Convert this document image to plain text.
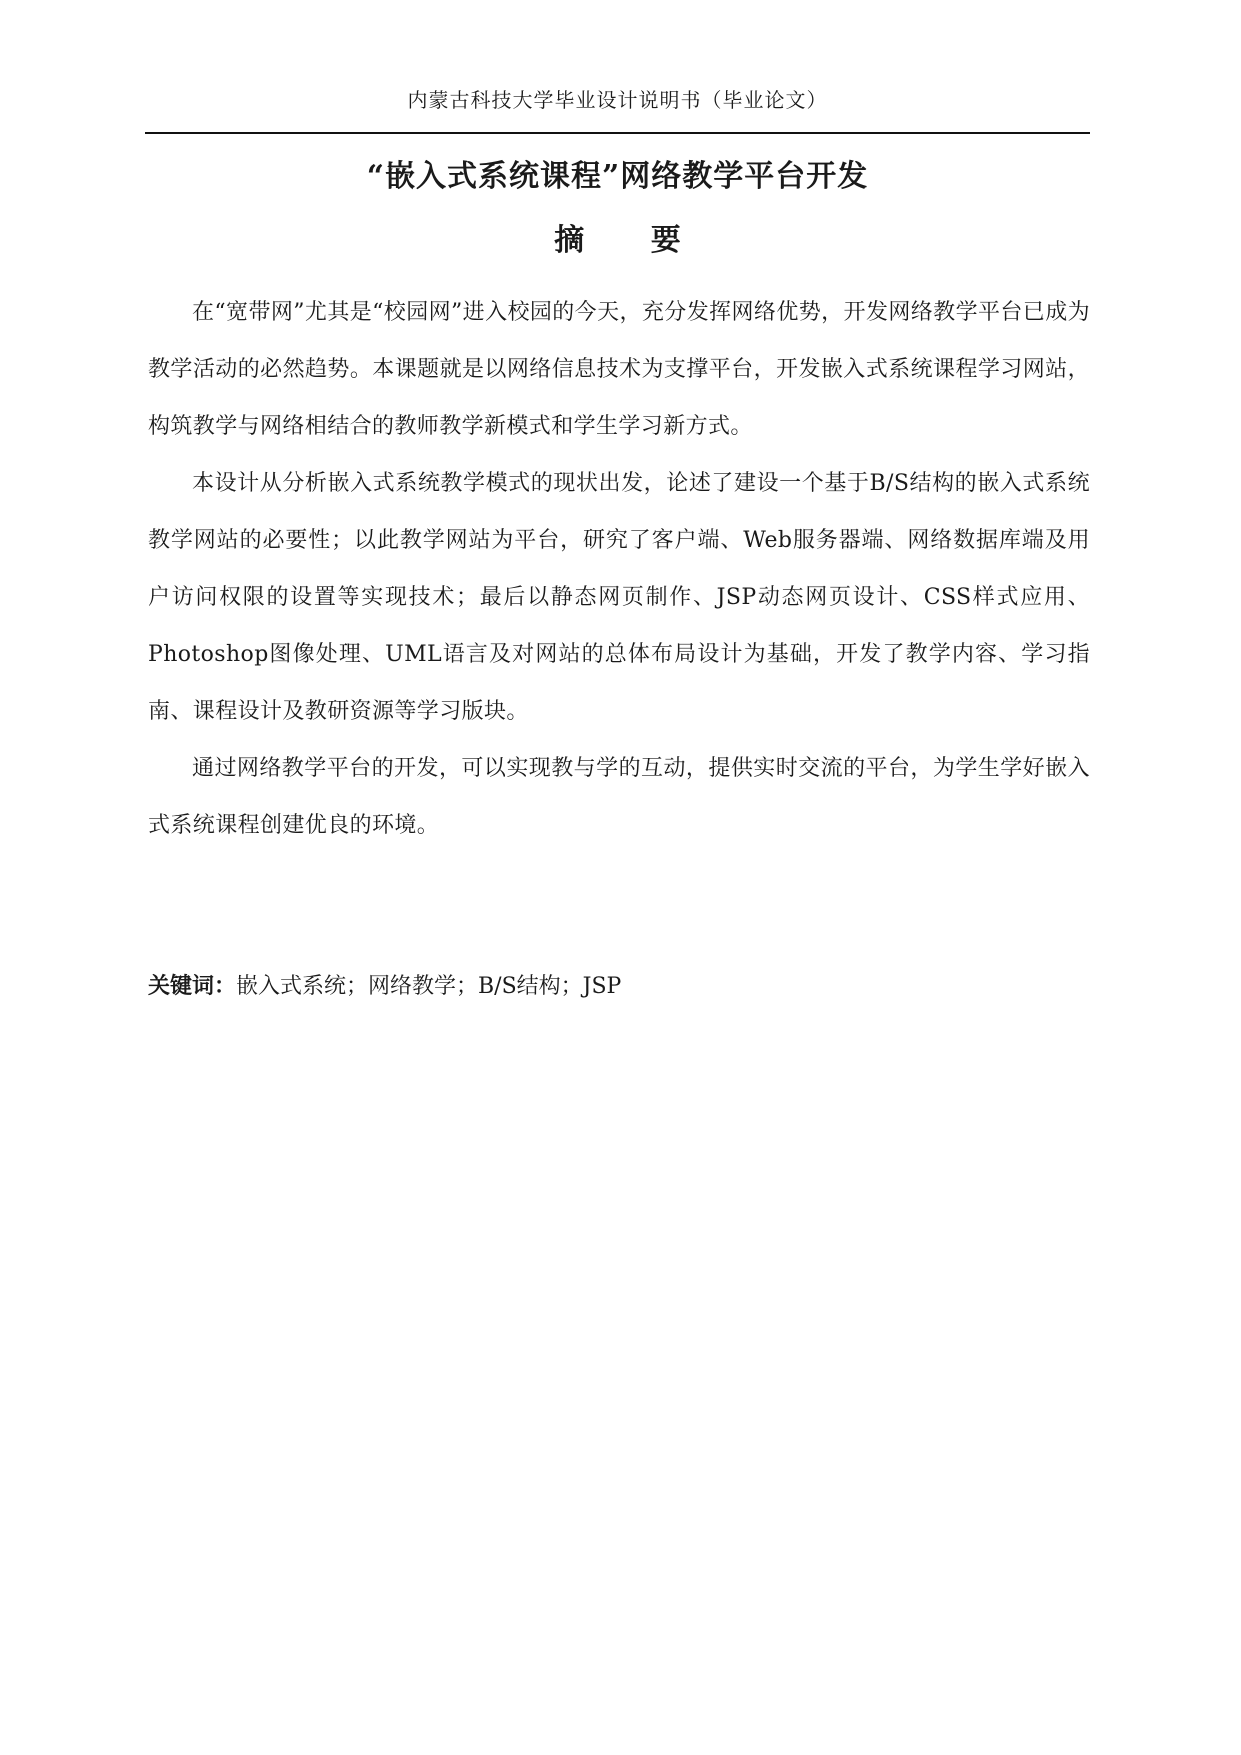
内蒙古科技大学毕业设计说明书（毕业论文）
“嵌入式系统课程”网络教学平台开发
摘 要

在“宽带网”尤其是“校园网”进入校园的今天，充分发挥网络优势，开发网络教学平台已成为教学活动的必然趋势。本课题就是以网络信息技术为支撑平台，开发嵌入式系统课程学习网站，构筑教学与网络相结合的教师教学新模式和学生学习新方式。

本设计从分析嵌入式系统教学模式的现状出发，论述了建设一个基于B/S结构的嵌入式系统教学网站的必要性；以此教学网站为平台，研究了客户端、Web服务器端、网络数据库端及用户访问权限的设置等实现技术；最后以静态网页制作、JSP动态网页设计、CSS样式应用、Photoshop图像处理、UML语言及对网站的总体布局设计为基础，开发了教学内容、学习指南、课程设计及教研资源等学习版块。

通过网络教学平台的开发，可以实现教与学的互动，提供实时交流的平台，为学生学好嵌入式系统课程创建优良的环境。

关键词：嵌入式系统；网络教学；B/S结构；JSP
